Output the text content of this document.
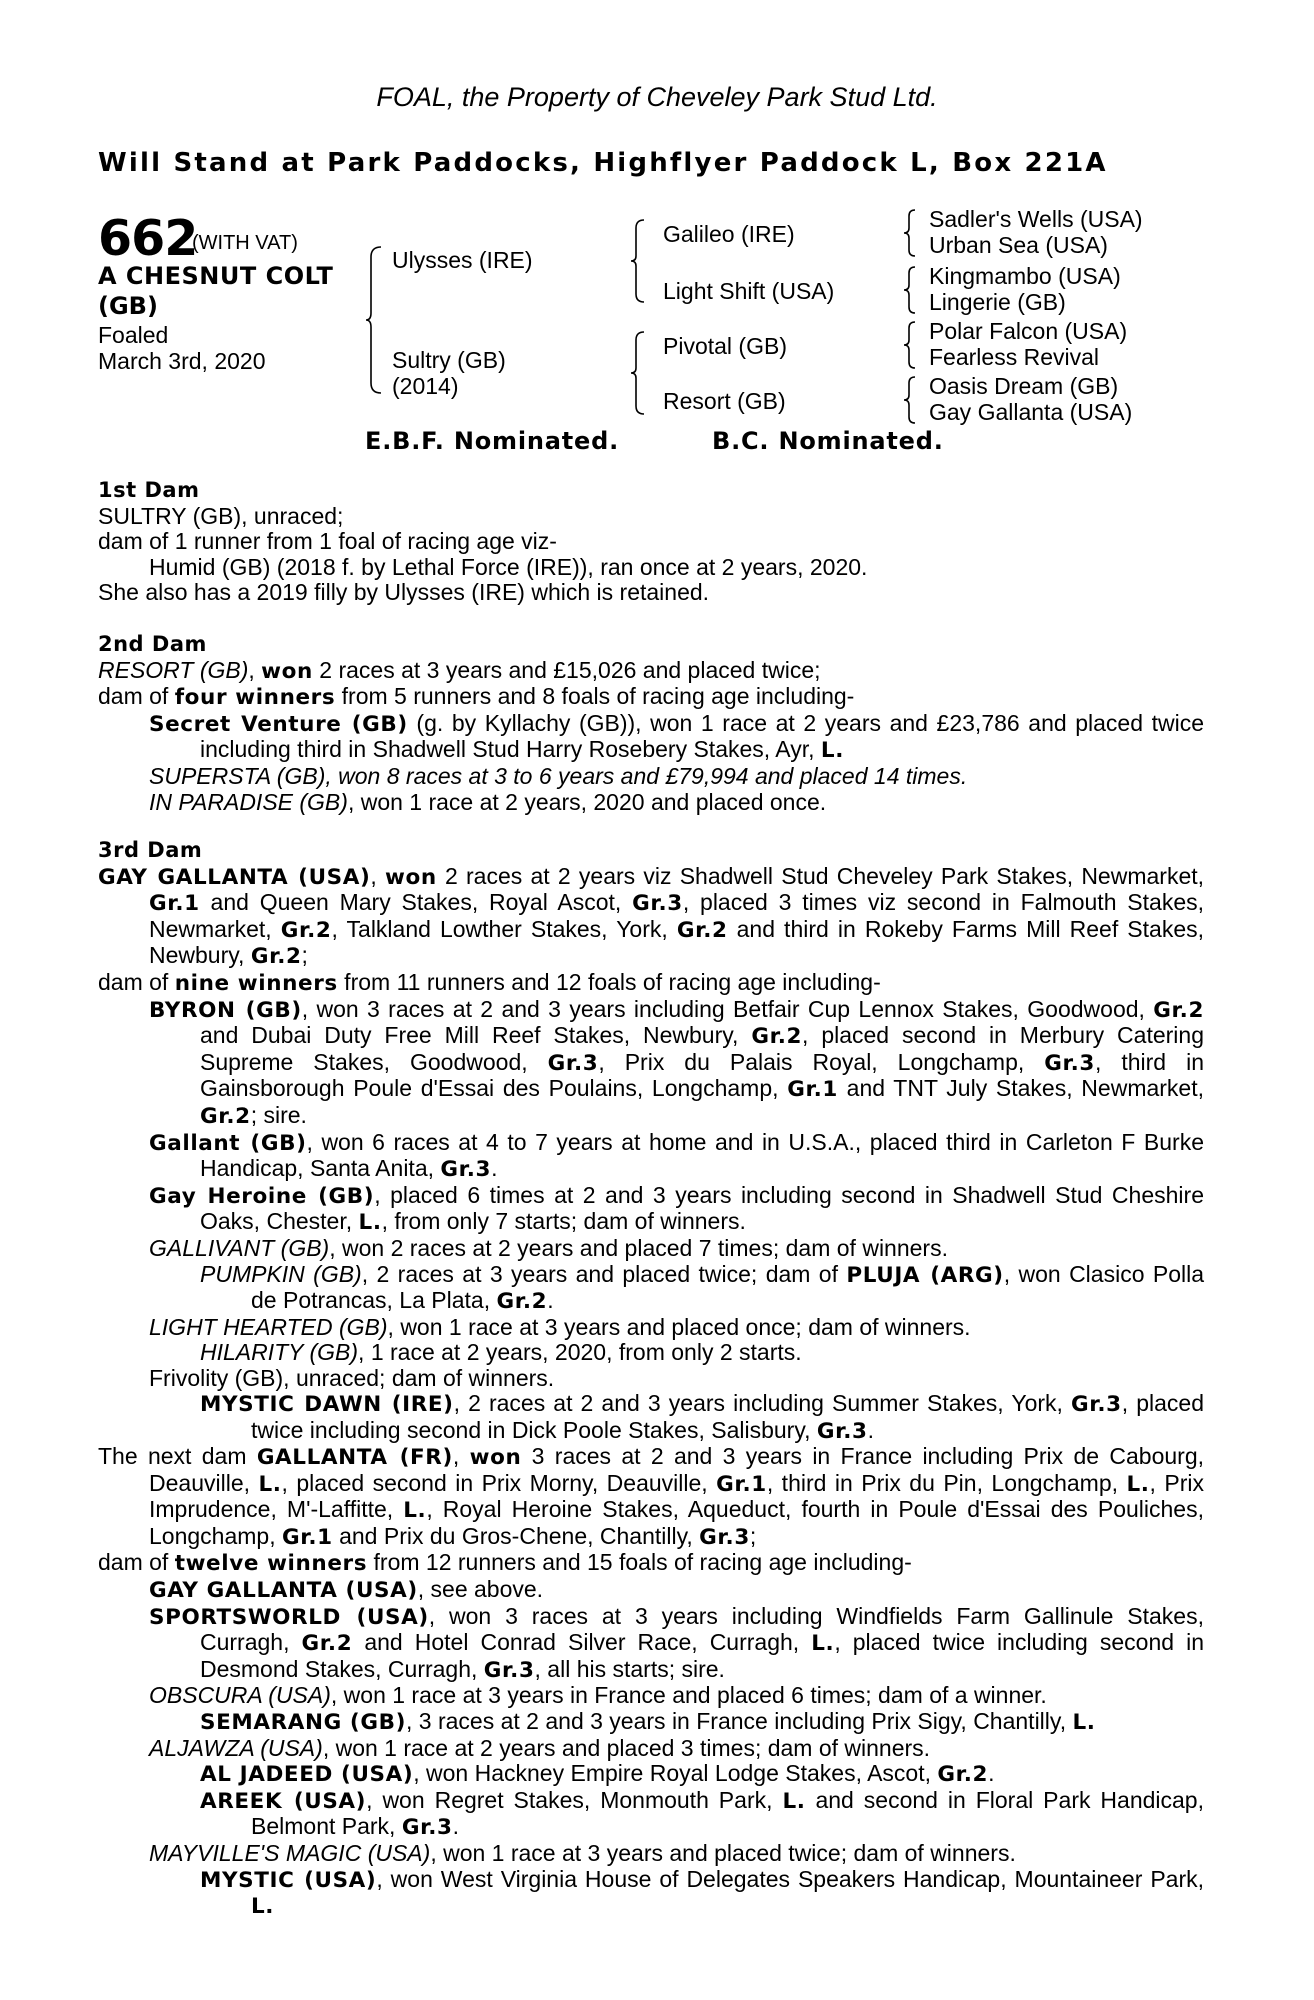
FOAL, the Property of Cheveley Park Stud Ltd.
Will Stand at Park Paddocks, Highflyer Paddock L, Box 221A
662
(WITH VAT)
A CHESNUT COLT
(GB)
Foaled
March 3rd, 2020
Ulysses (IRE)
Sultry (GB)
(2014)
Galileo (IRE)
Light Shift (USA)
Pivotal (GB)
Resort (GB)
Sadler's Wells (USA)
Urban Sea (USA)
Kingmambo (USA)
Lingerie (GB)
Polar Falcon (USA)
Fearless Revival
Oasis Dream (GB)
Gay Gallanta (USA)
E.B.F. Nominated.	B.C. Nominated.

1st Dam

SULTRY (GB), unraced;

dam of 1 runner from 1 foal of racing age viz-

Humid (GB) (2018 f. by Lethal Force (IRE)), ran once at 2 years, 2020.

She also has a 2019 filly by Ulysses (IRE) which is retained.

2nd Dam

RESORT (GB), won 2 races at 3 years and £15,026 and placed twice;

dam of four winners from 5 runners and 8 foals of racing age including-

Secret Venture (GB) (g. by Kyllachy (GB)), won 1 race at 2 years and £23,786 and placed twice including third in Shadwell Stud Harry Rosebery Stakes, Ayr, L.

SUPERSTA (GB), won 8 races at 3 to 6 years and £79,994 and placed 14 times.

IN PARADISE (GB), won 1 race at 2 years, 2020 and placed once.

3rd Dam

GAY GALLANTA (USA), won 2 races at 2 years viz Shadwell Stud Cheveley Park Stakes, Newmarket, Gr.1 and Queen Mary Stakes, Royal Ascot, Gr.3, placed 3 times viz second in Falmouth Stakes, Newmarket, Gr.2, Talkland Lowther Stakes, York, Gr.2 and third in Rokeby Farms Mill Reef Stakes, Newbury, Gr.2;

dam of nine winners from 11 runners and 12 foals of racing age including-

BYRON (GB), won 3 races at 2 and 3 years including Betfair Cup Lennox Stakes, Goodwood, Gr.2 and Dubai Duty Free Mill Reef Stakes, Newbury, Gr.2, placed second in Merbury Catering Supreme Stakes, Goodwood, Gr.3, Prix du Palais Royal, Longchamp, Gr.3, third in Gainsborough Poule d'Essai des Poulains, Longchamp, Gr.1 and TNT July Stakes, Newmarket, Gr.2; sire.

Gallant (GB), won 6 races at 4 to 7 years at home and in U.S.A., placed third in Carleton F Burke Handicap, Santa Anita, Gr.3.

Gay Heroine (GB), placed 6 times at 2 and 3 years including second in Shadwell Stud Cheshire Oaks, Chester, L., from only 7 starts; dam of winners.

GALLIVANT (GB), won 2 races at 2 years and placed 7 times; dam of winners.

PUMPKIN (GB), 2 races at 3 years and placed twice; dam of PLUJA (ARG), won Clasico Polla de Potrancas, La Plata, Gr.2.

LIGHT HEARTED (GB), won 1 race at 3 years and placed once; dam of winners.

HILARITY (GB), 1 race at 2 years, 2020, from only 2 starts.

Frivolity (GB), unraced; dam of winners.

MYSTIC DAWN (IRE), 2 races at 2 and 3 years including Summer Stakes, York, Gr.3, placed twice including second in Dick Poole Stakes, Salisbury, Gr.3.

The next dam GALLANTA (FR), won 3 races at 2 and 3 years in France including Prix de Cabourg, Deauville, L., placed second in Prix Morny, Deauville, Gr.1, third in Prix du Pin, Longchamp, L., Prix Imprudence, M'-Laffitte, L., Royal Heroine Stakes, Aqueduct, fourth in Poule d'Essai des Pouliches, Longchamp, Gr.1 and Prix du Gros-Chene, Chantilly, Gr.3;

dam of twelve winners from 12 runners and 15 foals of racing age including-

GAY GALLANTA (USA), see above.

SPORTSWORLD (USA), won 3 races at 3 years including Windfields Farm Gallinule Stakes, Curragh, Gr.2 and Hotel Conrad Silver Race, Curragh, L., placed twice including second in Desmond Stakes, Curragh, Gr.3, all his starts; sire.

OBSCURA (USA), won 1 race at 3 years in France and placed 6 times; dam of a winner.

SEMARANG (GB), 3 races at 2 and 3 years in France including Prix Sigy, Chantilly, L.

ALJAWZA (USA), won 1 race at 2 years and placed 3 times; dam of winners.

AL JADEED (USA), won Hackney Empire Royal Lodge Stakes, Ascot, Gr.2.

AREEK (USA), won Regret Stakes, Monmouth Park, L. and second in Floral Park Handicap, Belmont Park, Gr.3.

MAYVILLE'S MAGIC (USA), won 1 race at 3 years and placed twice; dam of winners.

MYSTIC (USA), won West Virginia House of Delegates Speakers Handicap, Mountaineer Park, L.
